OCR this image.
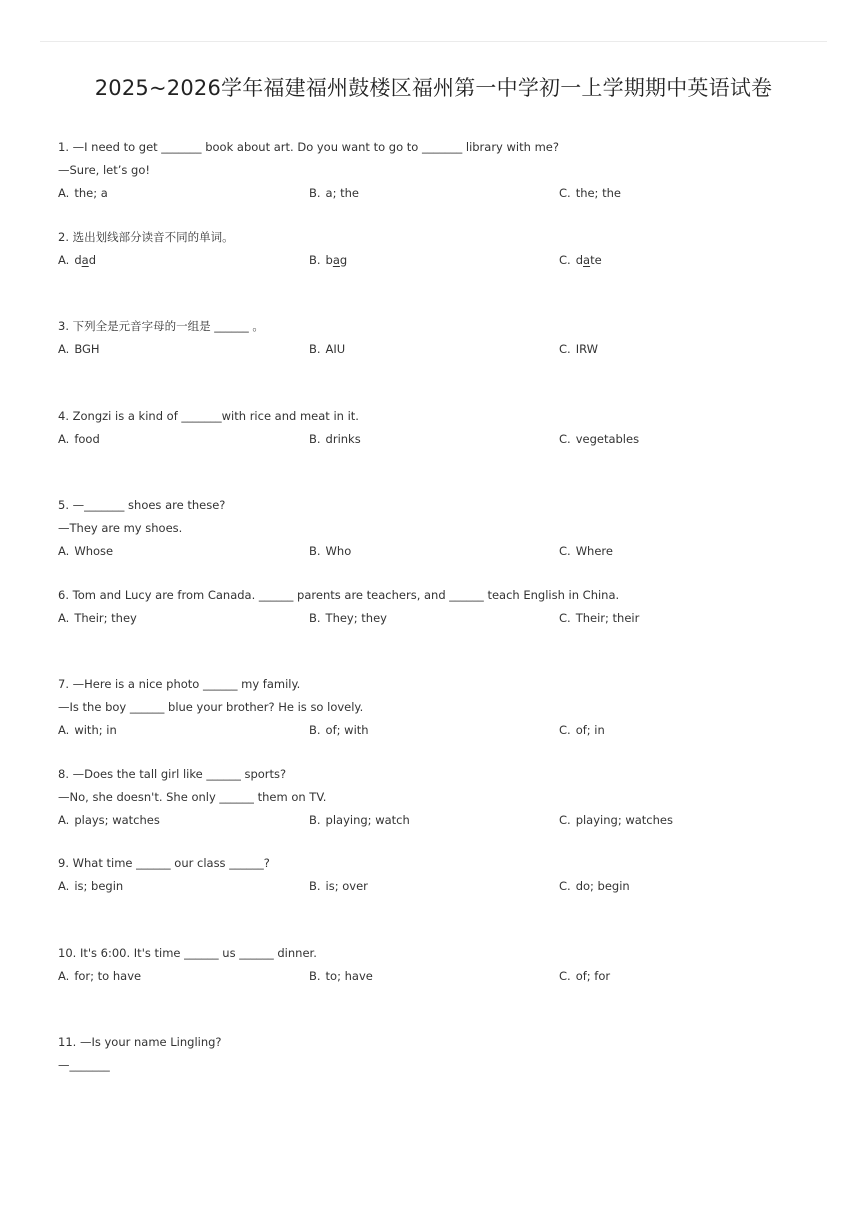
2025~2026学年福建福州鼓楼区福州第一中学初一上学期期中英语试卷
1. —I need to get _______ book about art. Do you want to go to _______ library with me?
—Sure, let’s go!
A. the; a	B. a; the	C. the; the
2. 选出划线部分读音不同的单词。
A. dad	B. bag	C. date
3. 下列全是元音字母的一组是 ______ 。
A. BGH	B. AIU	C. IRW
4. Zongzi is a kind of _______with rice and meat in it.
A. food	B. drinks	C. vegetables
5. —_______ shoes are these?
—They are my shoes.
A. Whose	B. Who	C. Where
6. Tom and Lucy are from Canada. ______ parents are teachers, and ______ teach English in China.
A. Their; they	B. They; they	C. Their; their
7. —Here is a nice photo ______ my family.
—Is the boy ______ blue your brother? He is so lovely.
A. with; in	B. of; with	C. of; in
8. —Does the tall girl like ______ sports?
—No, she doesn't. She only ______ them on TV.
A. plays; watches	B. playing; watch	C. playing; watches
9. What time ______ our class ______?
A. is; begin	B. is; over	C. do; begin
10. It's 6:00. It's time ______ us ______ dinner.
A. for; to have	B. to; have	C. of; for
11. —Is your name Lingling?
—_______
